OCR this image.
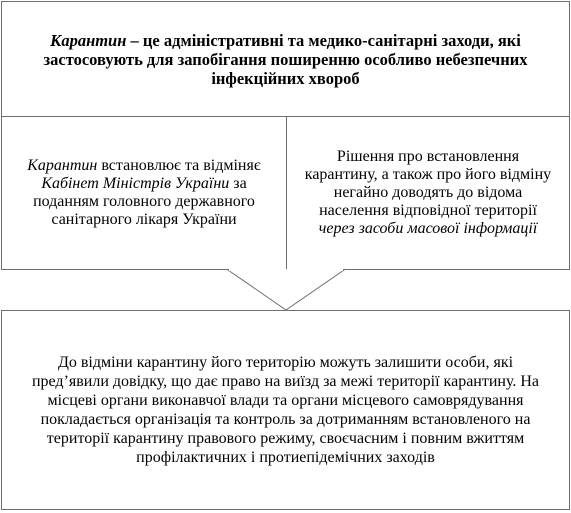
Карантин – це адміністративні та медико-санітарні заходи, які застосовують для запобігання поширенню особливо небезпечних інфекційних хвороб
Карантин встановлює та відміняє Кабінет Міністрів України за поданням головного державного санітарного лікаря України
Рішення про встановлення карантину, а також про його відміну негайно доводять до відома населення відповідної території через засоби масової інформації
До відміни карантину його територію можуть залишити особи, які пред’явили довідку, що дає право на виїзд за межі території карантину. На місцеві органи виконавчої влади та органи місцевого самоврядування покладається організація та контроль за дотриманням встановленого на території карантину правового режиму, своєчасним і повним вжиттям профілактичних і протиепідемічних заходів
